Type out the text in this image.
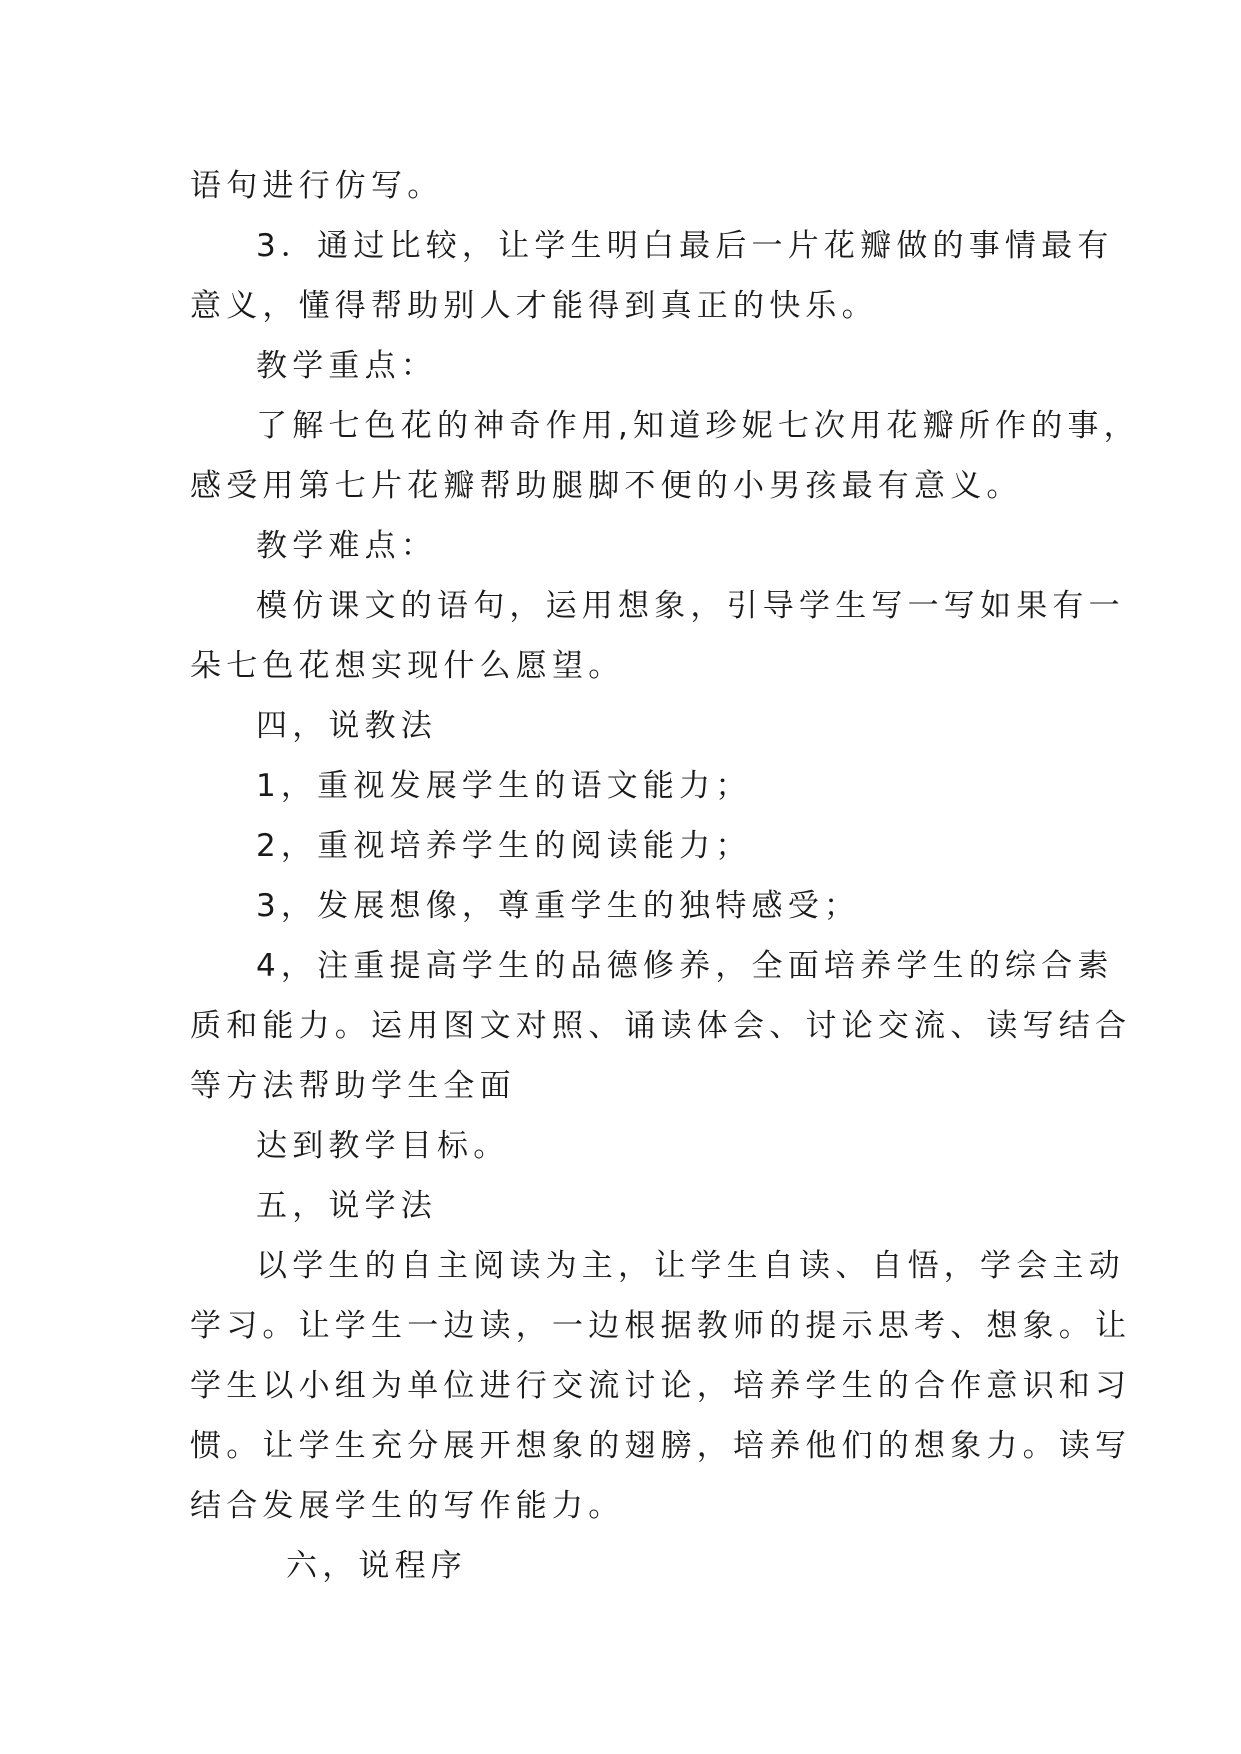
语句进行仿写。
3．通过比较，让学生明白最后一片花瓣做的事情最有
意义，懂得帮助别人才能得到真正的快乐。
教学重点：
了解七色花的神奇作用,知道珍妮七次用花瓣所作的事，
感受用第七片花瓣帮助腿脚不便的小男孩最有意义。
教学难点：
模仿课文的语句，运用想象，引导学生写一写如果有一
朵七色花想实现什么愿望。
四，说教法
1，重视发展学生的语文能力；
2，重视培养学生的阅读能力；
3，发展想像，尊重学生的独特感受；
4，注重提高学生的品德修养，全面培养学生的综合素
质和能力。运用图文对照、诵读体会、讨论交流、读写结合
等方法帮助学生全面
达到教学目标。
五，说学法
以学生的自主阅读为主，让学生自读、自悟，学会主动
学习。让学生一边读，一边根据教师的提示思考、想象。让
学生以小组为单位进行交流讨论，培养学生的合作意识和习
惯。让学生充分展开想象的翅膀，培养他们的想象力。读写
结合发展学生的写作能力。
六，说程序
